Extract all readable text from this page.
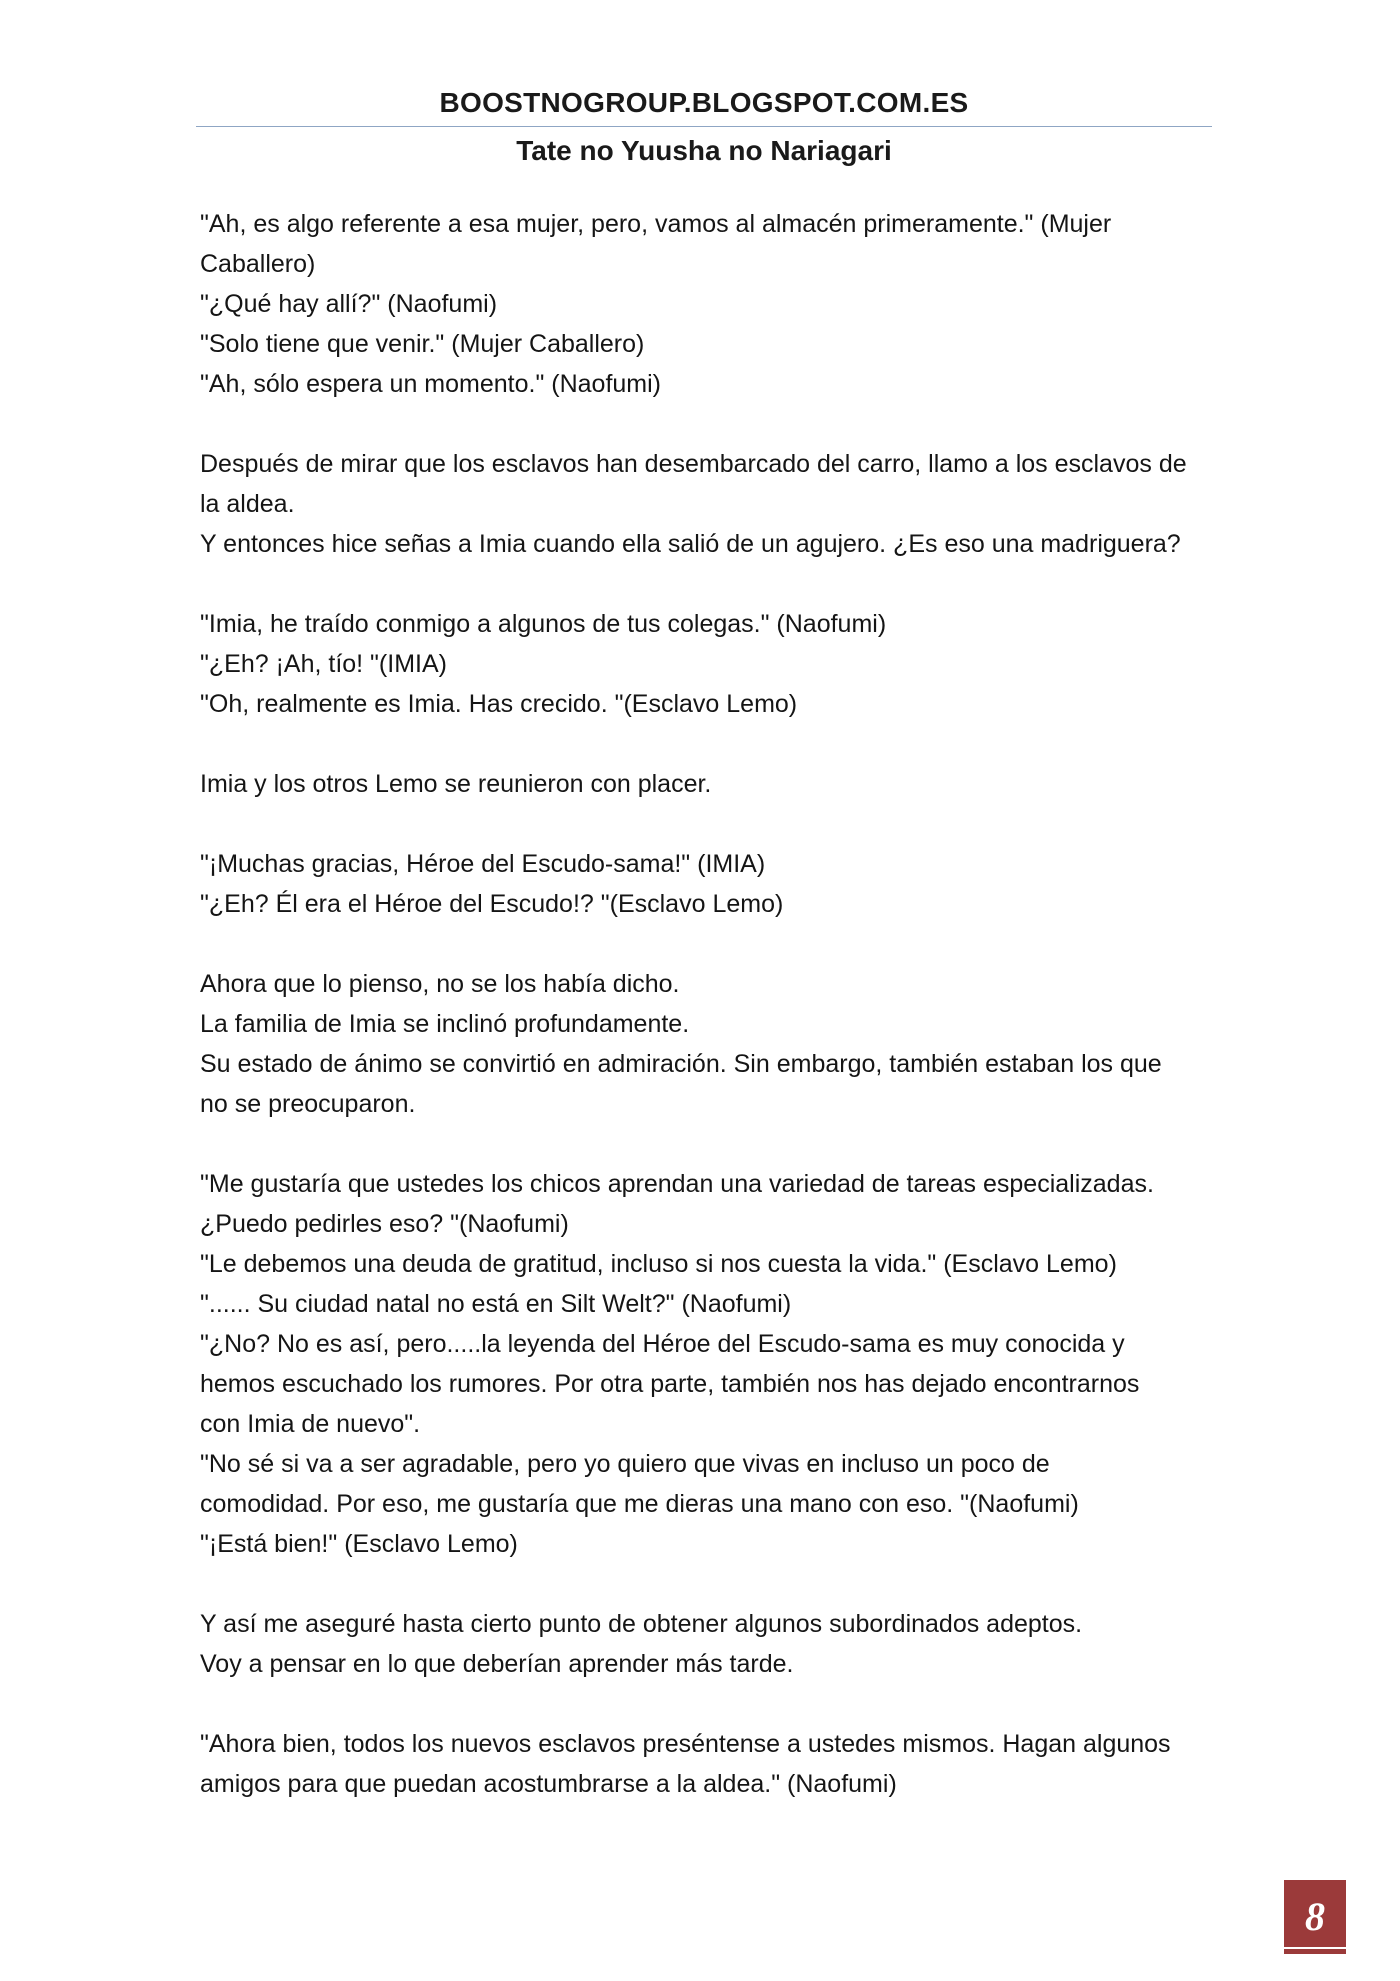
BOOSTNOGROUP.BLOGSPOT.COM.ES
Tate no Yuusha no Nariagari
"Ah, es algo referente a esa mujer, pero, vamos al almacén primeramente." (Mujer
Caballero)
"¿Qué hay allí?" (Naofumi)
"Solo tiene que venir." (Mujer Caballero)
"Ah, sólo espera un momento." (Naofumi)
Después de mirar que los esclavos han desembarcado del carro, llamo a los esclavos de
la aldea.
Y entonces hice señas a Imia cuando ella salió de un agujero. ¿Es eso una madriguera?
"Imia, he traído conmigo a algunos de tus colegas." (Naofumi)
"¿Eh? ¡Ah, tío! "(IMIA)
"Oh, realmente es Imia. Has crecido. "(Esclavo Lemo)
Imia y los otros Lemo se reunieron con placer.
"¡Muchas gracias, Héroe del Escudo-sama!" (IMIA)
"¿Eh? Él era el Héroe del Escudo!? "(Esclavo Lemo)
Ahora que lo pienso, no se los había dicho.
La familia de Imia se inclinó profundamente.
Su estado de ánimo se convirtió en admiración. Sin embargo, también estaban los que
no se preocuparon.
"Me gustaría que ustedes los chicos aprendan una variedad de tareas especializadas.
¿Puedo pedirles eso? "(Naofumi)
"Le debemos una deuda de gratitud, incluso si nos cuesta la vida." (Esclavo Lemo)
"...... Su ciudad natal no está en Silt Welt?" (Naofumi)
"¿No? No es así, pero.....la leyenda del Héroe del Escudo-sama es muy conocida y
hemos escuchado los rumores. Por otra parte, también nos has dejado encontrarnos
con Imia de nuevo".
"No sé si va a ser agradable, pero yo quiero que vivas en incluso un poco de
comodidad. Por eso, me gustaría que me dieras una mano con eso. "(Naofumi)
"¡Está bien!" (Esclavo Lemo)
Y así me aseguré hasta cierto punto de obtener algunos subordinados adeptos.
Voy a pensar en lo que deberían aprender más tarde.
"Ahora bien, todos los nuevos esclavos preséntense a ustedes mismos. Hagan algunos
amigos para que puedan acostumbrarse a la aldea." (Naofumi)
8
